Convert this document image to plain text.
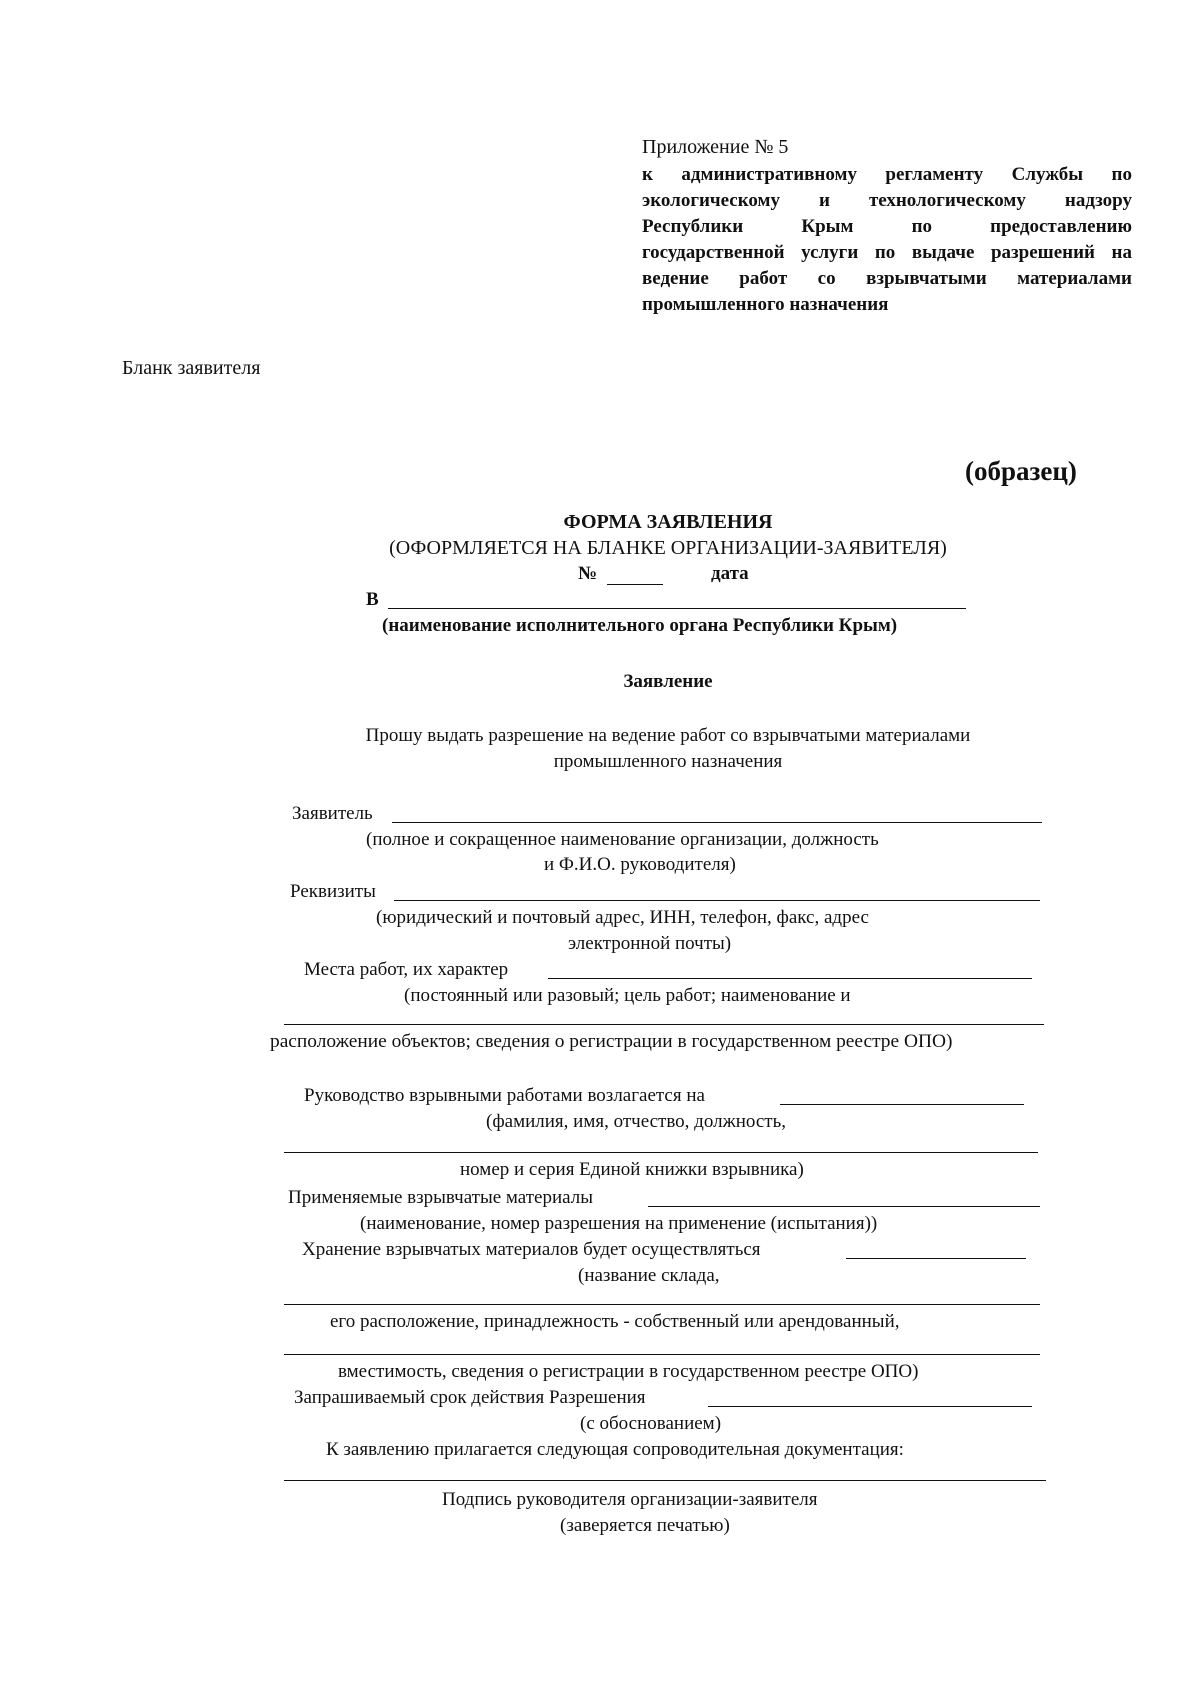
Приложение № 5
к административному регламенту Службы по
экологическому и технологическому надзору
Республики Крым по предоставлению
государственной услуги по выдаче разрешений на
ведение работ со взрывчатыми материалами
промышленного назначения
Бланк заявителя
(образец)
ФОРМА ЗАЯВЛЕНИЯ
(ОФОРМЛЯЕТСЯ НА БЛАНКЕ ОРГАНИЗАЦИИ-ЗАЯВИТЕЛЯ)
№	дата
В
(наименование исполнительного органа Республики Крым)
Заявление
Прошу выдать разрешение на ведение работ со взрывчатыми материалами
промышленного назначения
Заявитель
(полное и сокращенное наименование организации, должность
и Ф.И.О. руководителя)
Реквизиты
(юридический и почтовый адрес, ИНН, телефон, факс, адрес
электронной почты)
Места работ, их характер
(постоянный или разовый; цель работ; наименование и
расположение объектов; сведения о регистрации в государственном реестре ОПО)
Руководство взрывными работами возлагается на
(фамилия, имя, отчество, должность,
номер и серия Единой книжки взрывника)
Применяемые взрывчатые материалы
(наименование, номер разрешения на применение (испытания))
Хранение взрывчатых материалов будет осуществляться
(название склада,
его расположение, принадлежность - собственный или арендованный,
вместимость, сведения о регистрации в государственном реестре ОПО)
Запрашиваемый срок действия Разрешения
(с обоснованием)
К заявлению прилагается следующая сопроводительная документация:
Подпись руководителя организации-заявителя
(заверяется печатью)
